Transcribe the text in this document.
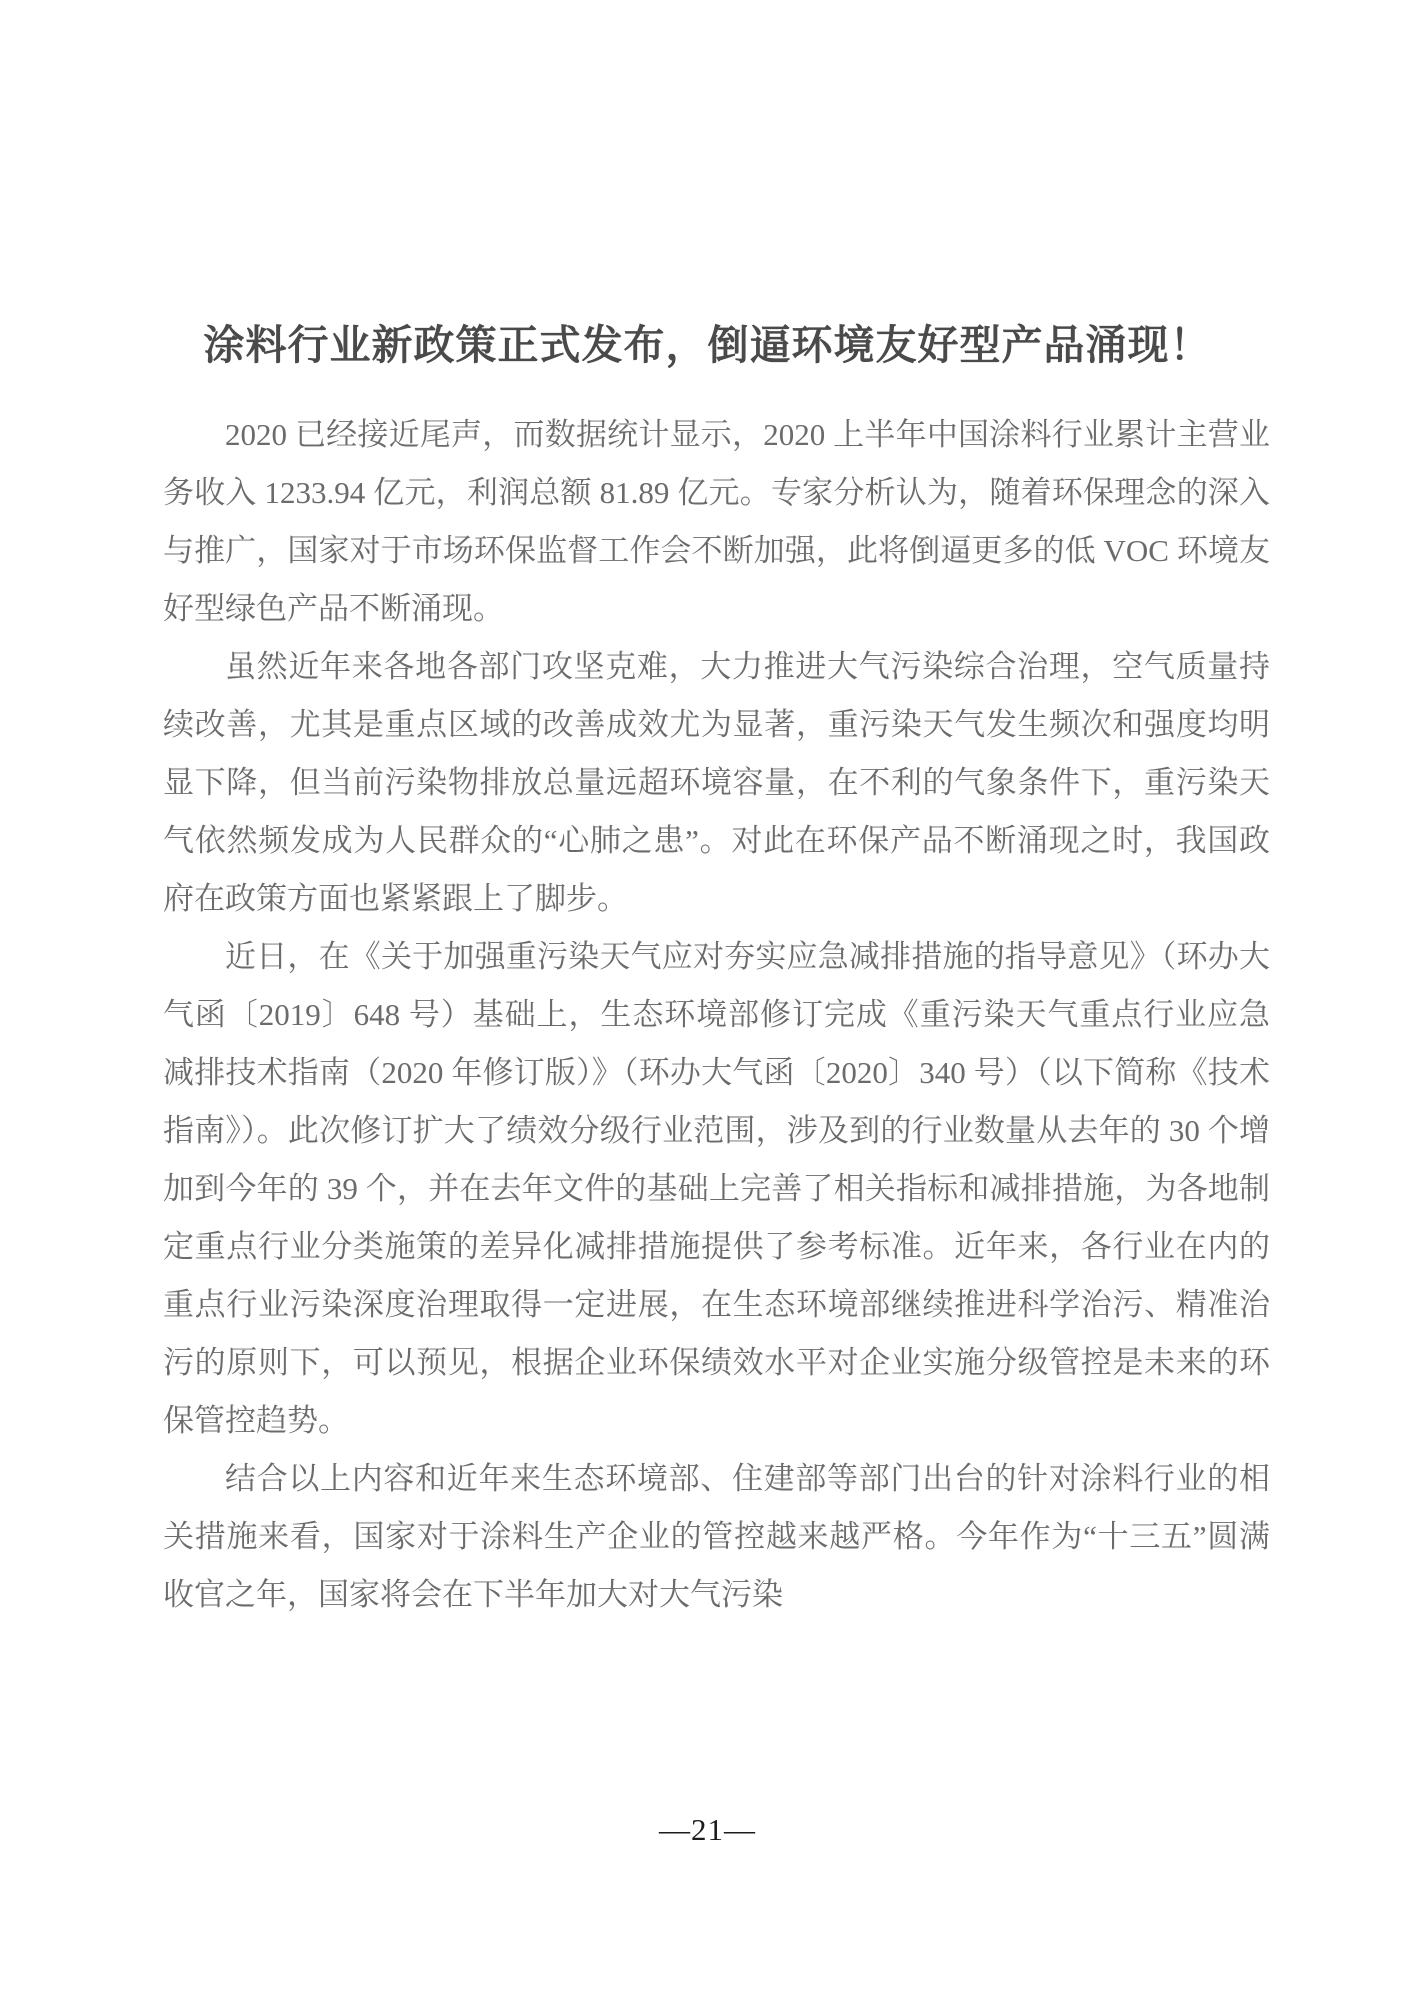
涂料行业新政策正式发布，倒逼环境友好型产品涌现！

2020 已经接近尾声，而数据统计显示，2020 上半年中国涂料行业累计主营业务收入 1233.94 亿元，利润总额 81.89 亿元。专家分析认为，随着环保理念的深入与推广，国家对于市场环保监督工作会不断加强，此将倒逼更多的低 VOC 环境友好型绿色产品不断涌现。

虽然近年来各地各部门攻坚克难，大力推进大气污染综合治理，空气质量持续改善，尤其是重点区域的改善成效尤为显著，重污染天气发生频次和强度均明显下降，但当前污染物排放总量远超环境容量，在不利的气象条件下，重污染天气依然频发成为人民群众的“心肺之患”。对此在环保产品不断涌现之时，我国政府在政策方面也紧紧跟上了脚步。

近日，在《关于加强重污染天气应对夯实应急减排措施的指导意见》（环办大气函〔2019〕648 号）基础上，生态环境部修订完成《重污染天气重点行业应急减排技术指南（2020 年修订版）》（环办大气函〔2020〕340 号）（以下简称《技术指南》）。此次修订扩大了绩效分级行业范围，涉及到的行业数量从去年的 30 个增加到今年的 39 个，并在去年文件的基础上完善了相关指标和减排措施，为各地制定重点行业分类施策的差异化减排措施提供了参考标准。近年来，各行业在内的重点行业污染深度治理取得一定进展，在生态环境部继续推进科学治污、精准治污的原则下，可以预见，根据企业环保绩效水平对企业实施分级管控是未来的环保管控趋势。

结合以上内容和近年来生态环境部、住建部等部门出台的针对涂料行业的相关措施来看，国家对于涂料生产企业的管控越来越严格。今年作为“十三五”圆满收官之年，国家将会在下半年加大对大气污染

—21—
